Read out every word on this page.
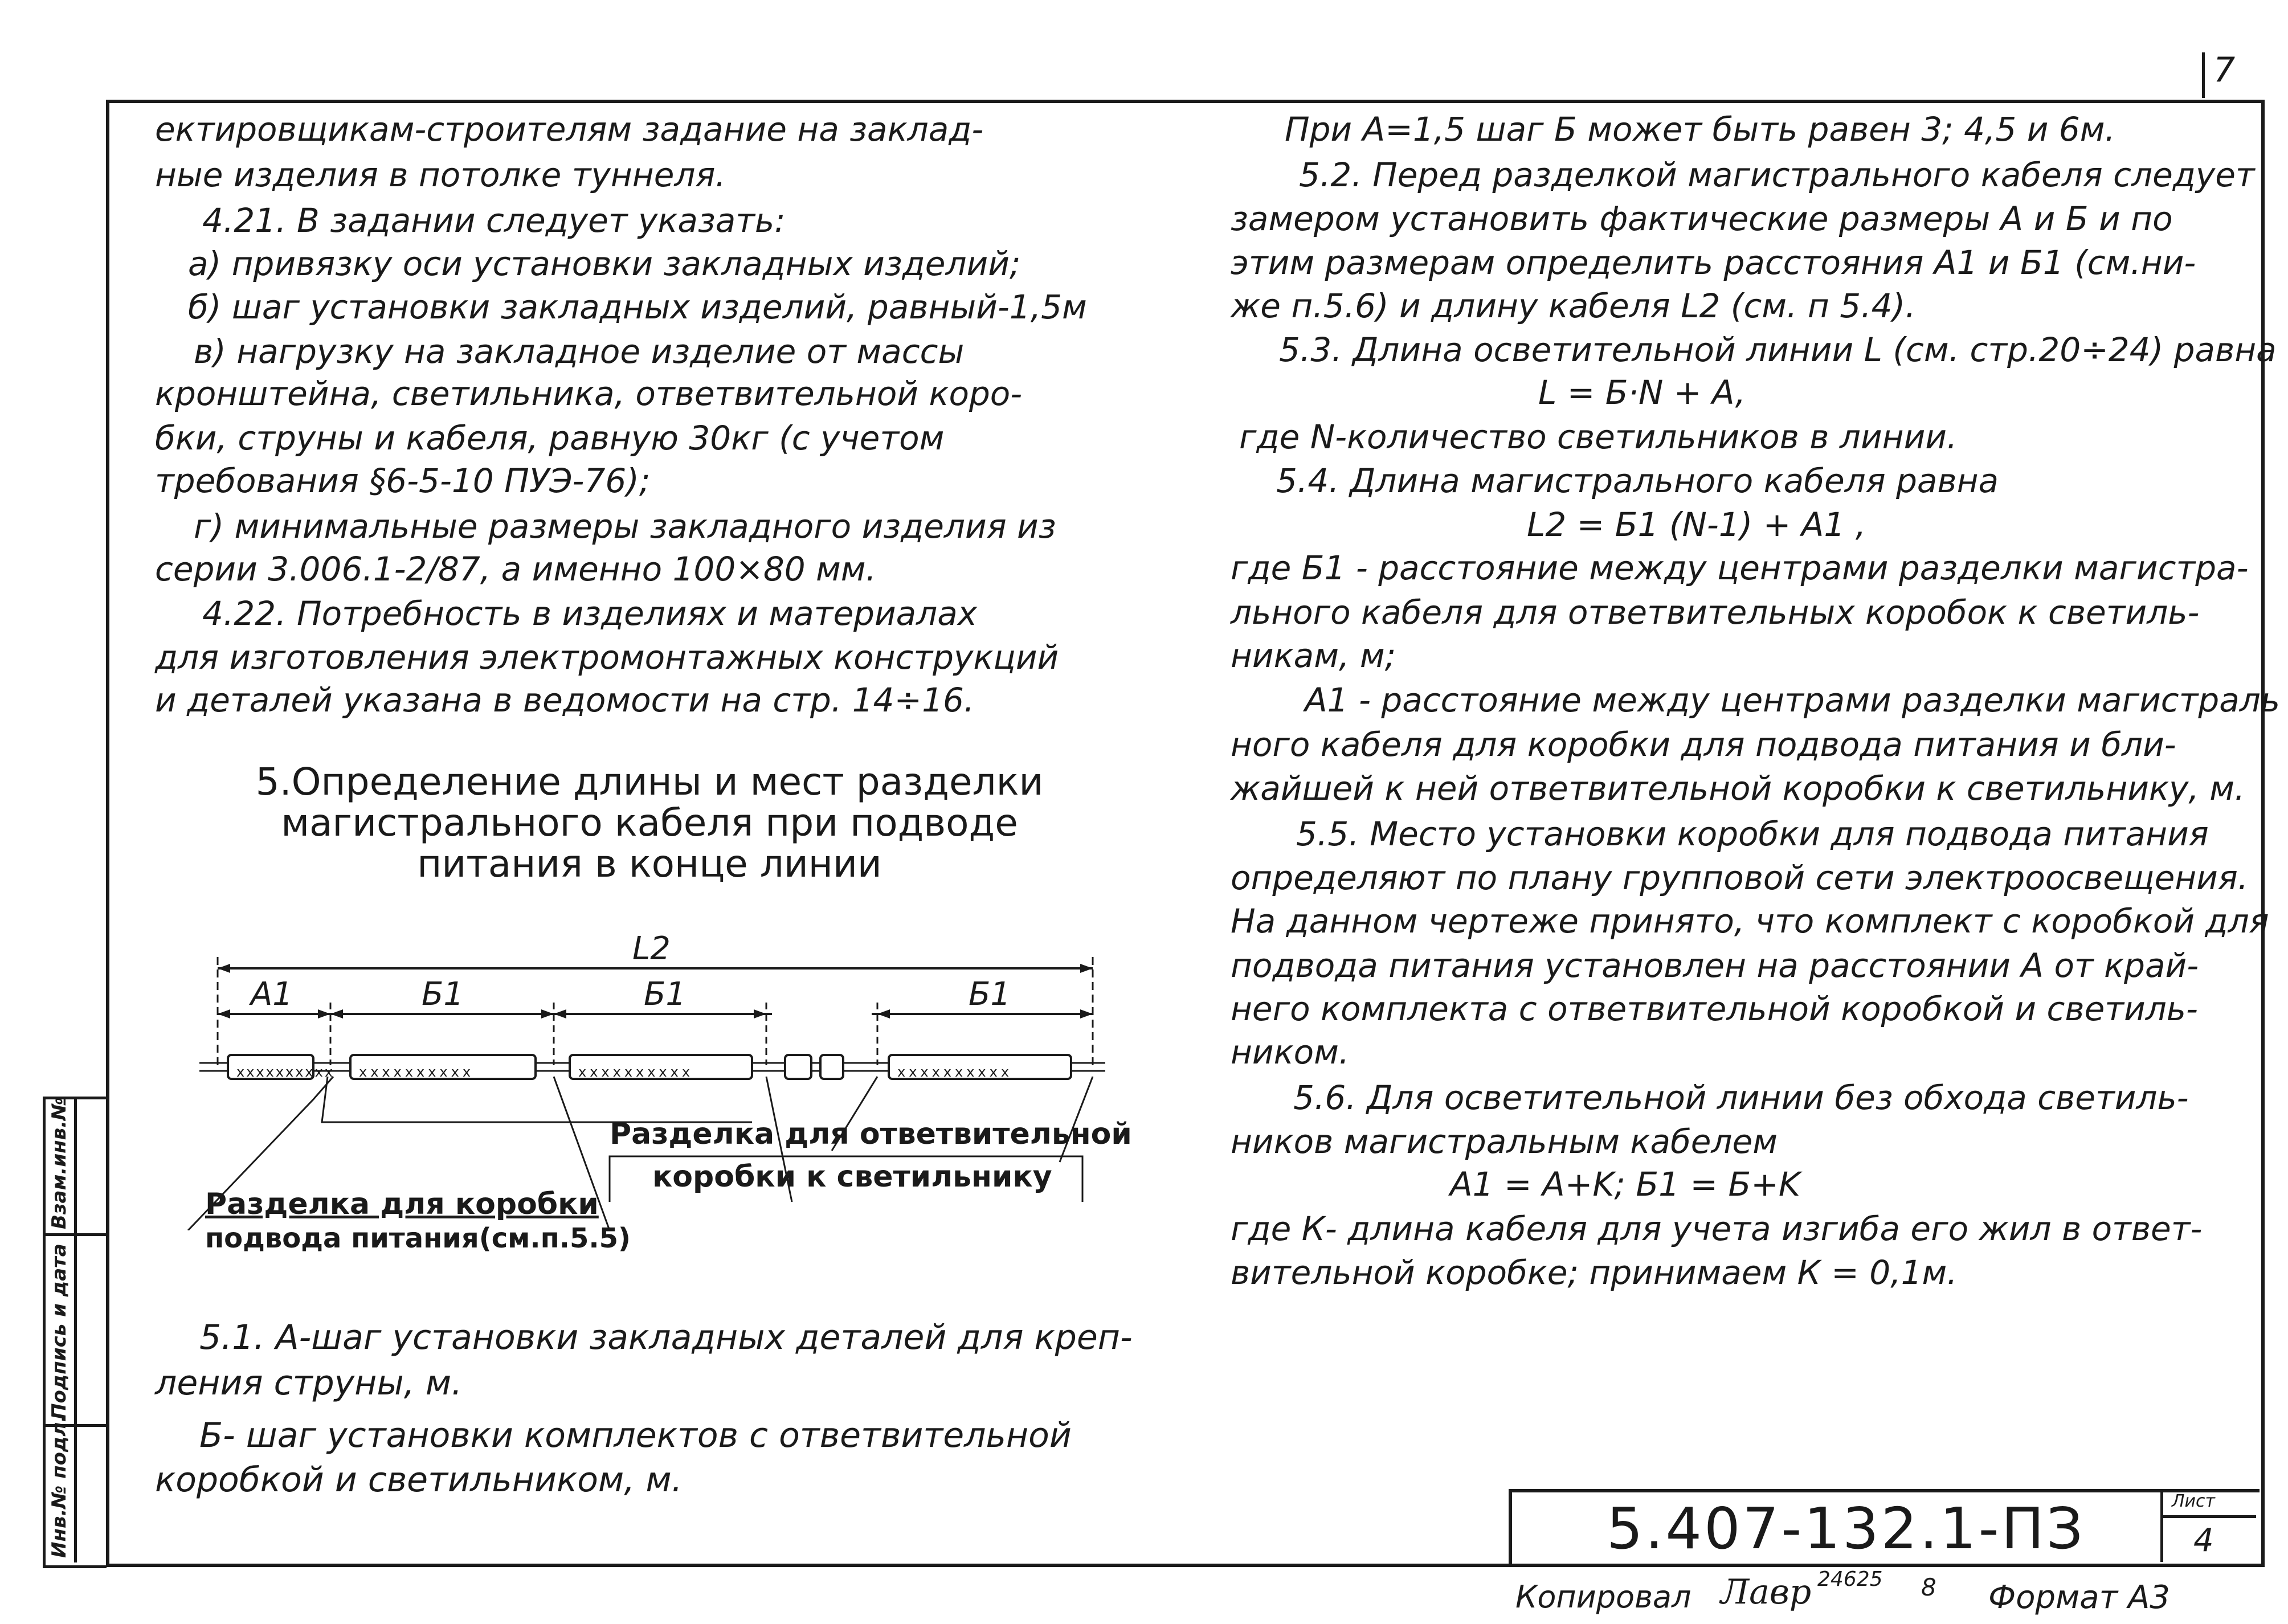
7
Инв.№ подл.
Подпись и дата
Взам.инв.№
ектировщикам-строителям задание на заклад-
ные изделия в потолке туннеля.
4.21. В задании следует указать:
а) привязку оси установки закладных изделий;
б) шаг установки закладных изделий, равный-1,5м
в) нагрузку на закладное изделие от массы
кронштейна, светильника, ответвительной коро-
бки, струны и кабеля, равную 30кг (с учетом
требования §6-5-10 ПУЭ-76);
г) минимальные размеры закладного изделия из
серии 3.006.1-2/87, а именно 100×80 мм.
4.22. Потребность в изделиях и материалах
для изготовления электромонтажных конструкций
и деталей указана в ведомости на стр. 14÷16.
5.Определение длины и мест разделки
магистрального кабеля при подводе
питания в конце линии
L2
A1	Б1	Б1	Б1
xxxxxxxxxx xxxxxxxxxx	xxxxxxxxxx	xxxxxxxxxx
Разделка для ответвительной
коробки к светильнику
Разделка для коробки
подвода питания(см.п.5.5)
5.1. А-шаг установки закладных деталей для креп-
ления струны, м.
Б- шаг установки комплектов с ответвительной
коробкой и светильником, м.
При А=1,5 шаг Б может быть равен 3; 4,5 и 6м.
5.2. Перед разделкой магистрального кабеля следует
замером установить фактические размеры А и Б и по
этим размерам определить расстояния А1 и Б1 (см.ни-
же п.5.6) и длину кабеля L2 (см. п 5.4).
5.3. Длина осветительной линии L (см. стр.20÷24) равна
L = Б·N + A,
где N-количество светильников в линии.
5.4. Длина магистрального кабеля равна
L2 = Б1 (N-1) + A1 ,
где Б1 - расстояние между центрами разделки магистра-
льного кабеля для ответвительных коробок к светиль-
никам, м;
А1 - расстояние между центрами разделки магистраль
ного кабеля для коробки для подвода питания и бли-
жайшей к ней ответвительной коробки к светильнику, м.
5.5. Место установки коробки для подвода питания
определяют по плану групповой сети электроосвещения.
На данном чертеже принято, что комплект с коробкой для
подвода питания установлен на расстоянии А от край-
него комплекта с ответвительной коробкой и светиль-
ником.
5.6. Для осветительной линии без обхода светиль-
ников магистральным кабелем
A1 = A+K; Б1 = Б+K
где К- длина кабеля для учета изгиба его жил в ответ-
вительной коробке; принимаем К = 0,1м.
5.407-132.1-ПЗ	Лист
4
Копировал Лавр 24625 8 Формат А3
